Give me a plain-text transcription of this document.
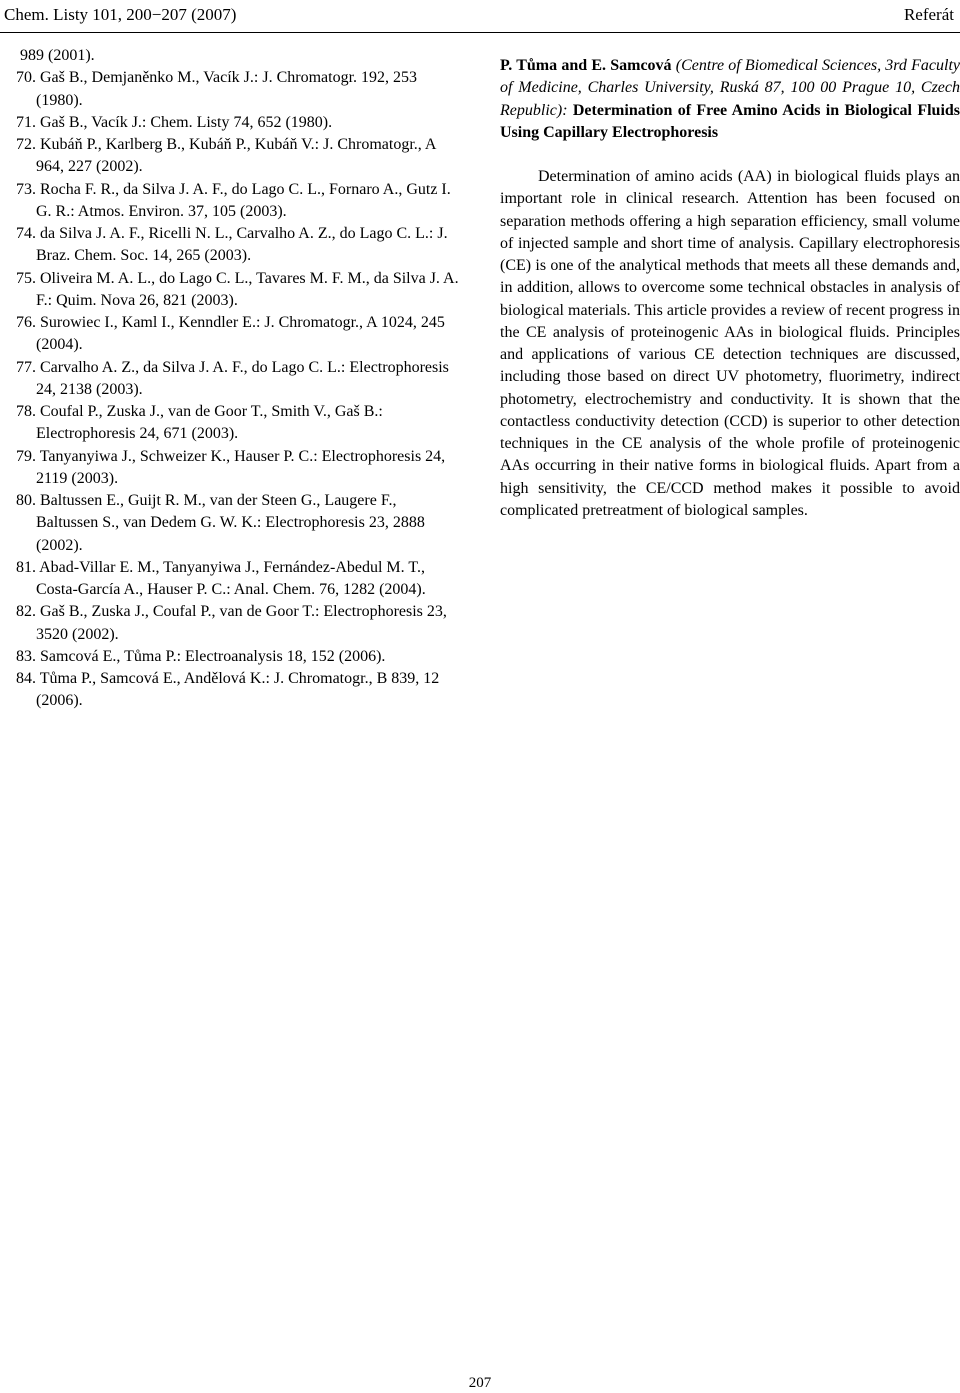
Chem. Listy 101, 200−207 (2007)	Referát
989 (2001).
70. Gaš B., Demjaněnko M., Vacík J.: J. Chromatogr. 192, 253 (1980).
71. Gaš B., Vacík J.: Chem. Listy 74, 652 (1980).
72. Kubáň P., Karlberg B., Kubáň P., Kubáň V.: J. Chromatogr., A 964, 227 (2002).
73. Rocha F. R., da Silva J. A. F., do Lago C. L., Fornaro A., Gutz I. G. R.: Atmos. Environ. 37, 105 (2003).
74. da Silva J. A. F., Ricelli N. L., Carvalho A. Z., do Lago C. L.: J. Braz. Chem. Soc. 14, 265 (2003).
75. Oliveira M. A. L., do Lago C. L., Tavares M. F. M., da Silva J. A. F.: Quim. Nova 26, 821 (2003).
76. Surowiec I., Kaml I., Kenndler E.: J. Chromatogr., A 1024, 245 (2004).
77. Carvalho A. Z., da Silva J. A. F., do Lago C. L.: Electrophoresis 24, 2138 (2003).
78. Coufal P., Zuska J., van de Goor T., Smith V., Gaš B.: Electrophoresis 24, 671 (2003).
79. Tanyanyiwa J., Schweizer K., Hauser P. C.: Electrophoresis 24, 2119 (2003).
80. Baltussen E., Guijt R. M., van der Steen G., Laugere F., Baltussen S., van Dedem G. W. K.: Electrophoresis 23, 2888 (2002).
81. Abad-Villar E. M., Tanyanyiwa J., Fernández-Abedul M. T., Costa-García A., Hauser P. C.: Anal. Chem. 76, 1282 (2004).
82. Gaš B., Zuska J., Coufal P., van de Goor T.: Electrophoresis 23, 3520 (2002).
83. Samcová E., Tůma P.: Electroanalysis 18, 152 (2006).
84. Tůma P., Samcová E., Andělová K.: J. Chromatogr., B 839, 12 (2006).
P. Tůma and E. Samcová (Centre of Biomedical Sciences, 3rd Faculty of Medicine, Charles University, Ruská 87, 100 00 Prague 10, Czech Republic): Determination of Free Amino Acids in Biological Fluids Using Capillary Electrophoresis
Determination of amino acids (AA) in biological fluids plays an important role in clinical research. Attention has been focused on separation methods offering a high separation efficiency, small volume of injected sample and short time of analysis. Capillary electrophoresis (CE) is one of the analytical methods that meets all these demands and, in addition, allows to overcome some technical obstacles in analysis of biological materials. This article provides a review of recent progress in the CE analysis of proteinogenic AAs in biological fluids. Principles and applications of various CE detection techniques are discussed, including those based on direct UV photometry, fluorimetry, indirect photometry, electrochemistry and conductivity. It is shown that the contactless conductivity detection (CCD) is superior to other detection techniques in the CE analysis of the whole profile of proteinogenic AAs occurring in their native forms in biological fluids. Apart from a high sensitivity, the CE/CCD method makes it possible to avoid complicated pretreatment of biological samples.
207
